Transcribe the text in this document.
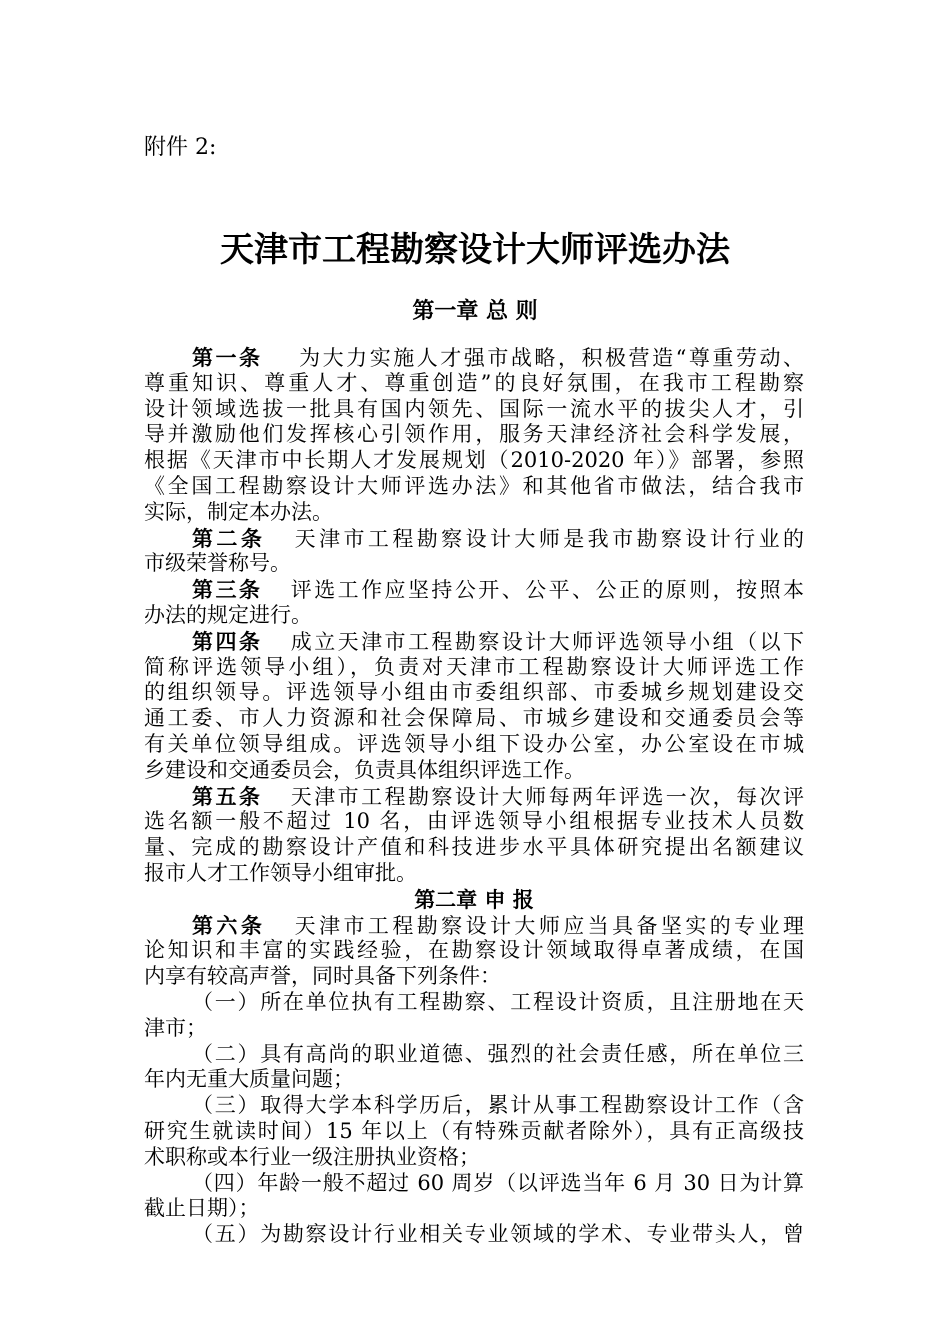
附件 2:
天津市工程勘察设计大师评选办法
第一章 总 则
第一条 为大力实施人才强市战略，积极营造“尊重劳动、
尊重知识、尊重人才、尊重创造”的良好氛围，在我市工程勘察
设计领域选拔一批具有国内领先、国际一流水平的拔尖人才，引
导并激励他们发挥核心引领作用，服务天津经济社会科学发展，
根据《天津市中长期人才发展规划（2010-2020 年）》部署，参照
《全国工程勘察设计大师评选办法》和其他省市做法，结合我市
实际，制定本办法。
第二条 天津市工程勘察设计大师是我市勘察设计行业的
市级荣誉称号。
第三条 评选工作应坚持公开、公平、公正的原则，按照本
办法的规定进行。
第四条 成立天津市工程勘察设计大师评选领导小组（以下
简称评选领导小组），负责对天津市工程勘察设计大师评选工作
的组织领导。评选领导小组由市委组织部、市委城乡规划建设交
通工委、市人力资源和社会保障局、市城乡建设和交通委员会等
有关单位领导组成。评选领导小组下设办公室，办公室设在市城
乡建设和交通委员会，负责具体组织评选工作。
第五条 天津市工程勘察设计大师每两年评选一次，每次评
选名额一般不超过 10 名，由评选领导小组根据专业技术人员数
量、完成的勘察设计产值和科技进步水平具体研究提出名额建议
报市人才工作领导小组审批。
第二章 申 报
第六条 天津市工程勘察设计大师应当具备坚实的专业理
论知识和丰富的实践经验，在勘察设计领域取得卓著成绩，在国
内享有较高声誉，同时具备下列条件：
（一）所在单位执有工程勘察、工程设计资质，且注册地在天
津市；
（二）具有高尚的职业道德、强烈的社会责任感，所在单位三
年内无重大质量问题；
（三）取得大学本科学历后，累计从事工程勘察设计工作（含
研究生就读时间）15 年以上（有特殊贡献者除外），具有正高级技
术职称或本行业一级注册执业资格；
（四）年龄一般不超过 60 周岁（以评选当年 6 月 30 日为计算
截止日期）；
（五）为勘察设计行业相关专业领域的学术、专业带头人，曾
